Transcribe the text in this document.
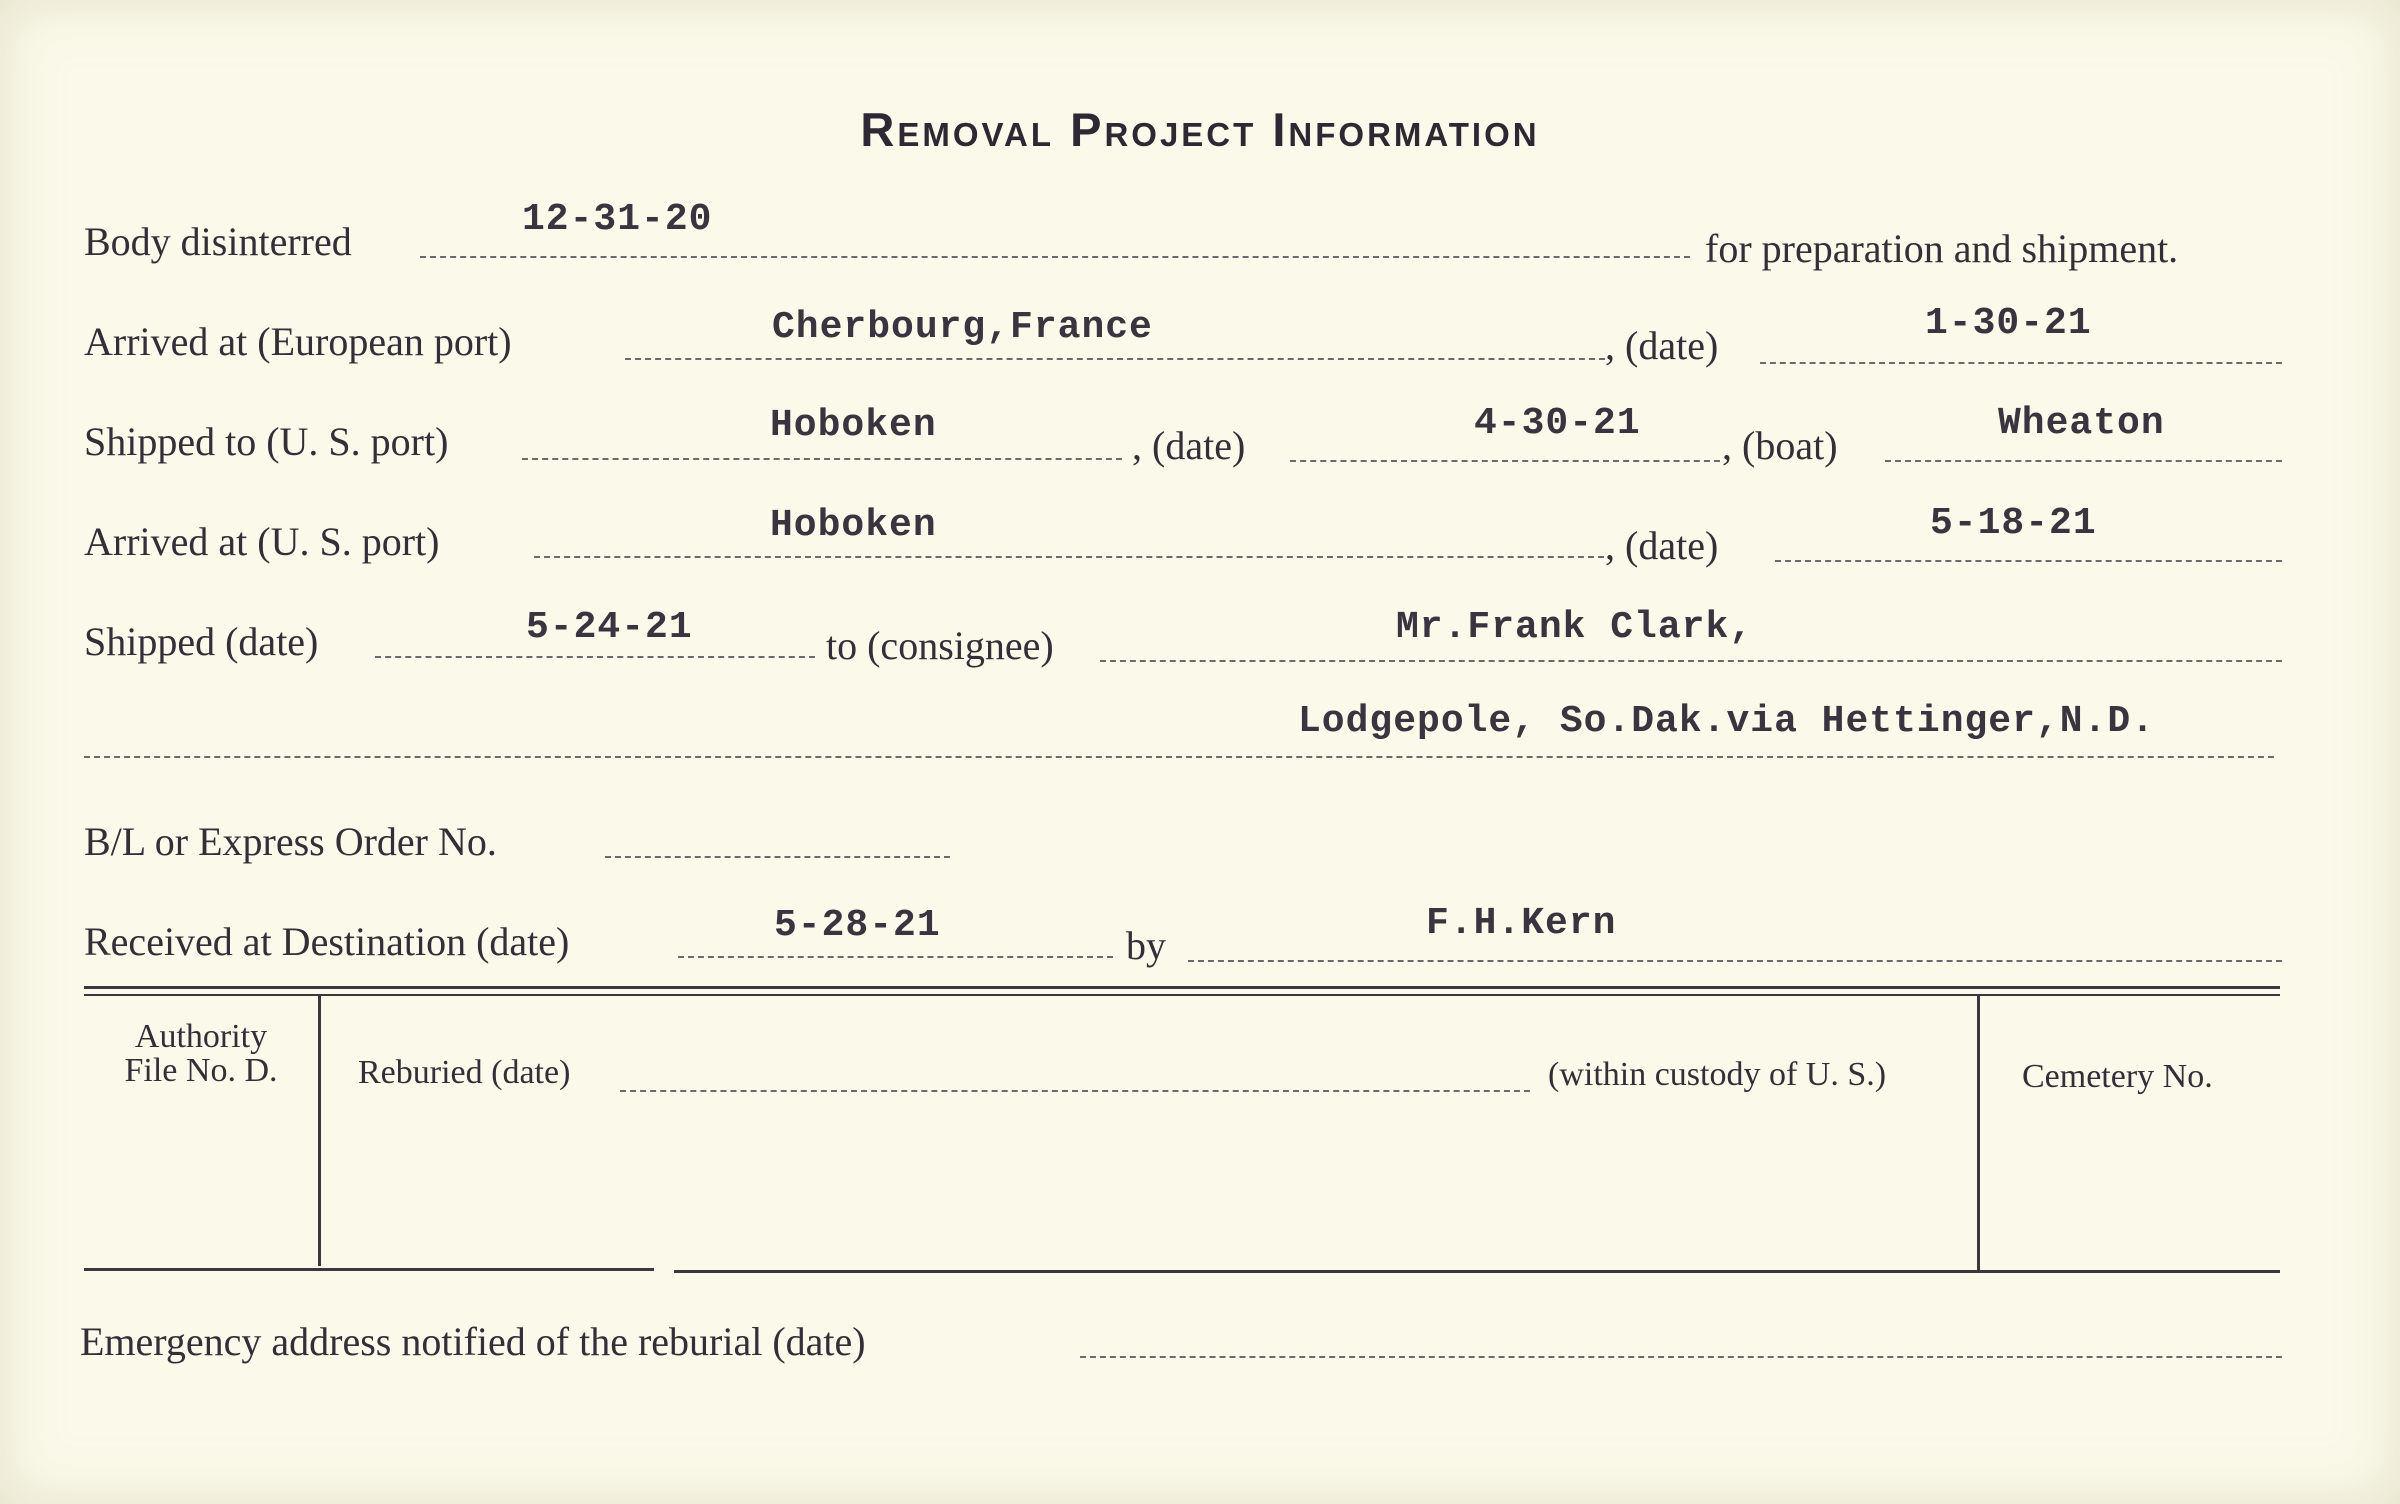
Removal Project Information
Body disinterred	12-31-20
for preparation and shipment.
Arrived at (European port)	Cherbourg,France	, (date)	1-30-21
Shipped to (U. S. port)	Hoboken	, (date)	4-30-21 , (boat)	Wheaton
Arrived at (U. S. port)	Hoboken	, (date)	5-18-21
Shipped (date)	5-24-21	to (consignee)	Mr.Frank Clark,
Lodgepole, So.Dak.via Hettinger,N.D.
B/L or Express Order No.
Received at Destination (date)	5-28-21	by	F.H.Kern
Authority
File No. D.	Reburied (date)	(within custody of U. S.)	Cemetery No.
Emergency address notified of the reburial (date)
